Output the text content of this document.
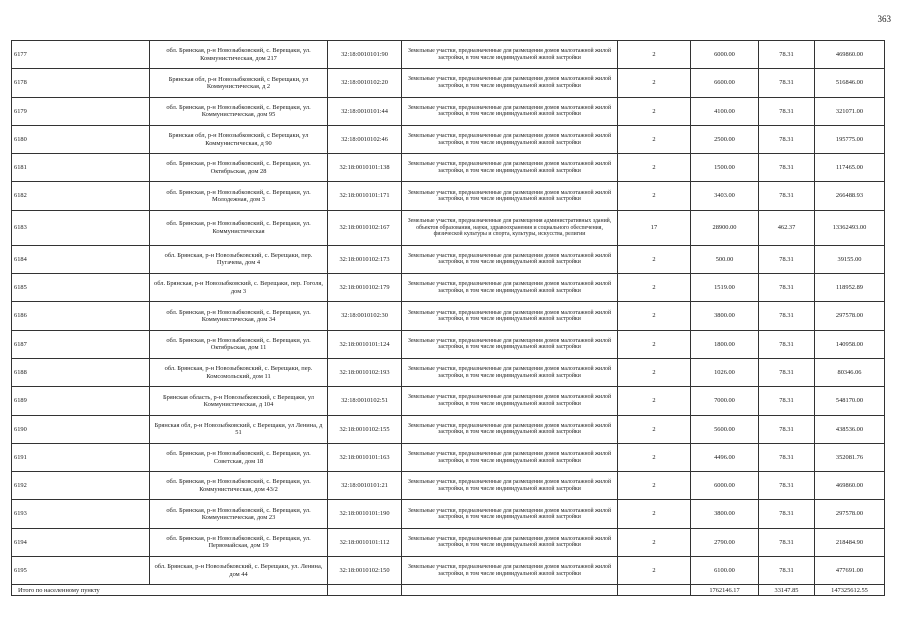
363
6177	обл. Брянская, р-н Новозыбковский, с. Верещаки, ул. Коммунистическая, дом 217	32:18:0010101:90	Земельные участки, предназначенные для размещения домов малоэтажной жилой застройки, в том числе индивидуальной жилой застройки	2	6000.00	78.31	469860.00
6178	Брянская обл, р-н Новозыбковский, с Верещаки, ул Коммунистическая, д 2	32:18:0010102:20	Земельные участки, предназначенные для размещения домов малоэтажной жилой застройки, в том числе индивидуальной жилой застройки	2	6600.00	78.31	516846.00
6179	обл. Брянская, р-н Новозыбковский, с. Верещаки, ул. Коммунистическая, дом 95	32:18:0010101:44	Земельные участки, предназначенные для размещения домов малоэтажной жилой застройки, в том числе индивидуальной жилой застройки	2	4100.00	78.31	321071.00
6180	Брянская обл, р-н Новозыбковский, с Верещаки, ул Коммунистическая, д 90	32:18:0010102:46	Земельные участки, предназначенные для размещения домов малоэтажной жилой застройки, в том числе индивидуальной жилой застройки	2	2500.00	78.31	195775.00
6181	обл. Брянская, р-н Новозыбковский, с. Верещаки, ул. Октябрьская, дом 28	32:18:0010101:138	Земельные участки, предназначенные для размещения домов малоэтажной жилой застройки, в том числе индивидуальной жилой застройки	2	1500.00	78.31	117465.00
6182	обл. Брянская, р-н Новозыбковский, с. Верещаки, ул. Молодежная, дом 3	32:18:0010101:171	Земельные участки, предназначенные для размещения домов малоэтажной жилой застройки, в том числе индивидуальной жилой застройки	2	3403.00	78.31	266488.93
6183	обл. Брянская, р-н Новозыбковский, с. Верещаки, ул. Коммунистическая	32:18:0010102:167	Земельные участки, предназначенные для размещения административных зданий, объектов образования, науки, здравоохранения и социального обеспечения, физической культуры и спорта, культуры, искусства, религии	17	28900.00	462.37	13362493.00
6184	обл. Брянская, р-н Новозыбковский, с. Верещаки, пер. Пугачева, дом 4	32:18:0010102:173	Земельные участки, предназначенные для размещения домов малоэтажной жилой застройки, в том числе индивидуальной жилой застройки	2	500.00	78.31	39155.00
6185	обл. Брянская, р-н Новозыбковский, с. Верещаки, пер. Гоголя, дом 3	32:18:0010102:179	Земельные участки, предназначенные для размещения домов малоэтажной жилой застройки, в том числе индивидуальной жилой застройки	2	1519.00	78.31	118952.89
6186	обл. Брянская, р-н Новозыбковский, с. Верещаки, ул. Коммунистическая, дом 34	32:18:0010102:30	Земельные участки, предназначенные для размещения домов малоэтажной жилой застройки, в том числе индивидуальной жилой застройки	2	3800.00	78.31	297578.00
6187	обл. Брянская, р-н Новозыбковский, с. Верещаки, ул. Октябрьская, дом 11	32:18:0010101:124	Земельные участки, предназначенные для размещения домов малоэтажной жилой застройки, в том числе индивидуальной жилой застройки	2	1800.00	78.31	140958.00
6188	обл. Брянская, р-н Новозыбковский, с. Верещаки, пер. Комсомольский, дом 11	32:18:0010102:193	Земельные участки, предназначенные для размещения домов малоэтажной жилой застройки, в том числе индивидуальной жилой застройки	2	1026.00	78.31	80346.06
6189	Брянская область, р-н Новозыбковский, с Верещаки, ул Коммунистическая, д 104	32:18:0010102:51	Земельные участки, предназначенные для размещения домов малоэтажной жилой застройки, в том числе индивидуальной жилой застройки	2	7000.00	78.31	548170.00
6190	Брянская обл, р-н Новозыбковский, с Верещаки, ул Ленина, д 51	32:18:0010102:155	Земельные участки, предназначенные для размещения домов малоэтажной жилой застройки, в том числе индивидуальной жилой застройки	2	5600.00	78.31	438536.00
6191	обл. Брянская, р-н Новозыбковский, с. Верещаки, ул. Советская, дом 18	32:18:0010101:163	Земельные участки, предназначенные для размещения домов малоэтажной жилой застройки, в том числе индивидуальной жилой застройки	2	4496.00	78.31	352081.76
6192	обл. Брянская, р-н Новозыбковский, с. Верещаки, ул. Коммунистическая, дом 43/2	32:18:0010101:21	Земельные участки, предназначенные для размещения домов малоэтажной жилой застройки, в том числе индивидуальной жилой застройки	2	6000.00	78.31	469860.00
6193	обл. Брянская, р-н Новозыбковский, с. Верещаки, ул. Коммунистическая, дом 23	32:18:0010101:190	Земельные участки, предназначенные для размещения домов малоэтажной жилой застройки, в том числе индивидуальной жилой застройки	2	3800.00	78.31	297578.00
6194	обл. Брянская, р-н Новозыбковский, с. Верещаки, ул. Первомайская, дом 19	32:18:0010101:112	Земельные участки, предназначенные для размещения домов малоэтажной жилой застройки, в том числе индивидуальной жилой застройки	2	2790.00	78.31	218484.90
6195	обл. Брянская, р-н Новозыбковский, с. Верещаки, ул. Ленина, дом 44	32:18:0010102:150	Земельные участки, предназначенные для размещения домов малоэтажной жилой застройки, в том числе индивидуальной жилой застройки	2	6100.00	78.31	477691.00
Итого по населенному пункту					1762146.17	33147.85	147325612.55
